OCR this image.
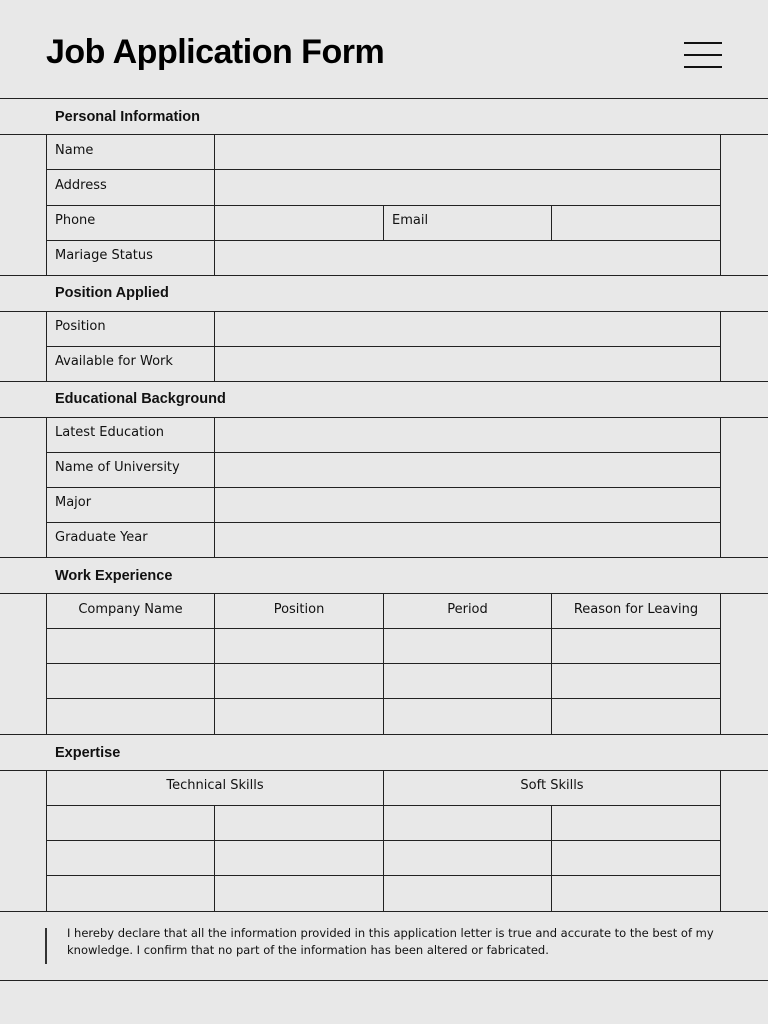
Job Application Form
Personal Information
Name
Address
Phone	Email
Mariage Status
Position Applied
Position
Available for Work
Educational Background
Latest Education
Name of University
Major
Graduate Year
Work Experience
Company Name	Position	Period	Reason for Leaving
Expertise
Technical Skills	Soft Skills

I hereby declare that all the information provided in this application letter is true and accurate to the best of my knowledge. I confirm that no part of the information has been altered or fabricated.
